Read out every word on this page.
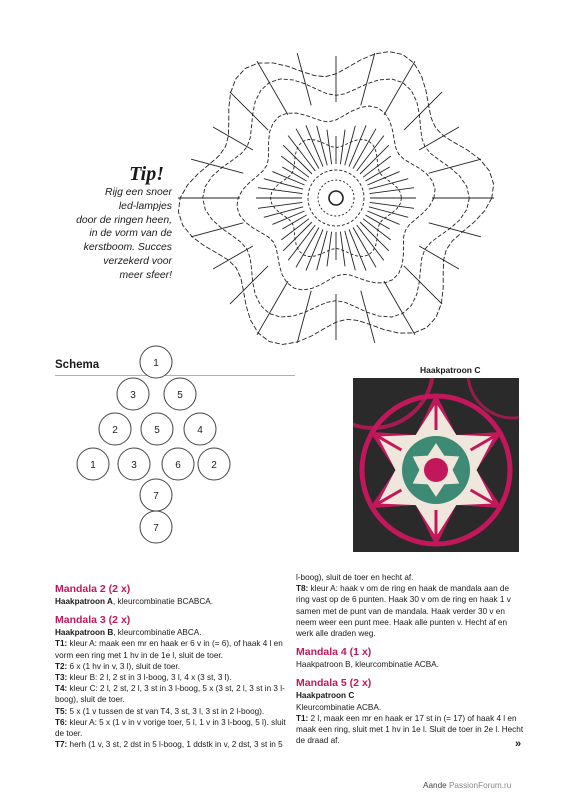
Tip!
Rijg een snoer
led-lampjes
door de ringen heen,
in de vorm van de
kerstboom. Succes
verzekerd voor
meer sfeer!
Schema	1
3	5
2	5	4
1	3	6	2
7
7
Haakpatroon C

Mandala 2 (2 x)

Haakpatroon A, kleurcombinatie BCABCA.

Mandala 3 (2 x)

Haakpatroon B, kleurcombinatie ABCA.

T1: kleur A: maak een mr en haak er 6 v in (= 6), of haak 4 l en vorm een ring met 1 hv in de 1e l, sluit de toer.

T2: 6 x (1 hv in v, 3 l), sluit de toer.

T3: kleur B: 2 l, 2 st in 3 l-boog, 3 l, 4 x (3 st, 3 l).

T4: kleur C: 2 l, 2 st, 2 l, 3 st in 3 l-boog, 5 x (3 st, 2 l, 3 st in 3 l-boog), sluit de toer.

T5: 5 x (1 v tussen de st van T4, 3 st, 3 l, 3 st in 2 l-boog).

T6: kleur A: 5 x (1 v in v vorige toer, 5 l, 1 v in 3 l-boog, 5 l). sluit de toer.

T7: herh (1 v, 3 st, 2 dst in 5 l-boog, 1 ddstk in v, 2 dst, 3 st in 5

l-boog), sluit de toer en hecht af.

T8: kleur A: haak v om de ring en haak de mandala aan de ring vast op de 6 punten. Haak 30 v om de ring en haak 1 v samen met de punt van de mandala. Haak verder 30 v en neem weer een punt mee. Haak alle punten v. Hecht af en werk alle draden weg.

Mandala 4 (1 x)

Haakpatroon B, kleurcombinatie ACBA.

Mandala 5 (2 x)

Haakpatroon C

Kleurcombinatie ACBA.

T1: 2 l, maak een mr en haak er 17 st in (= 17) of haak 4 l en maak een ring, sluit met 1 hv in 1e l. Sluit de toer in 2e l. Hecht de draad af.	»
Aande PassionForum.ru
